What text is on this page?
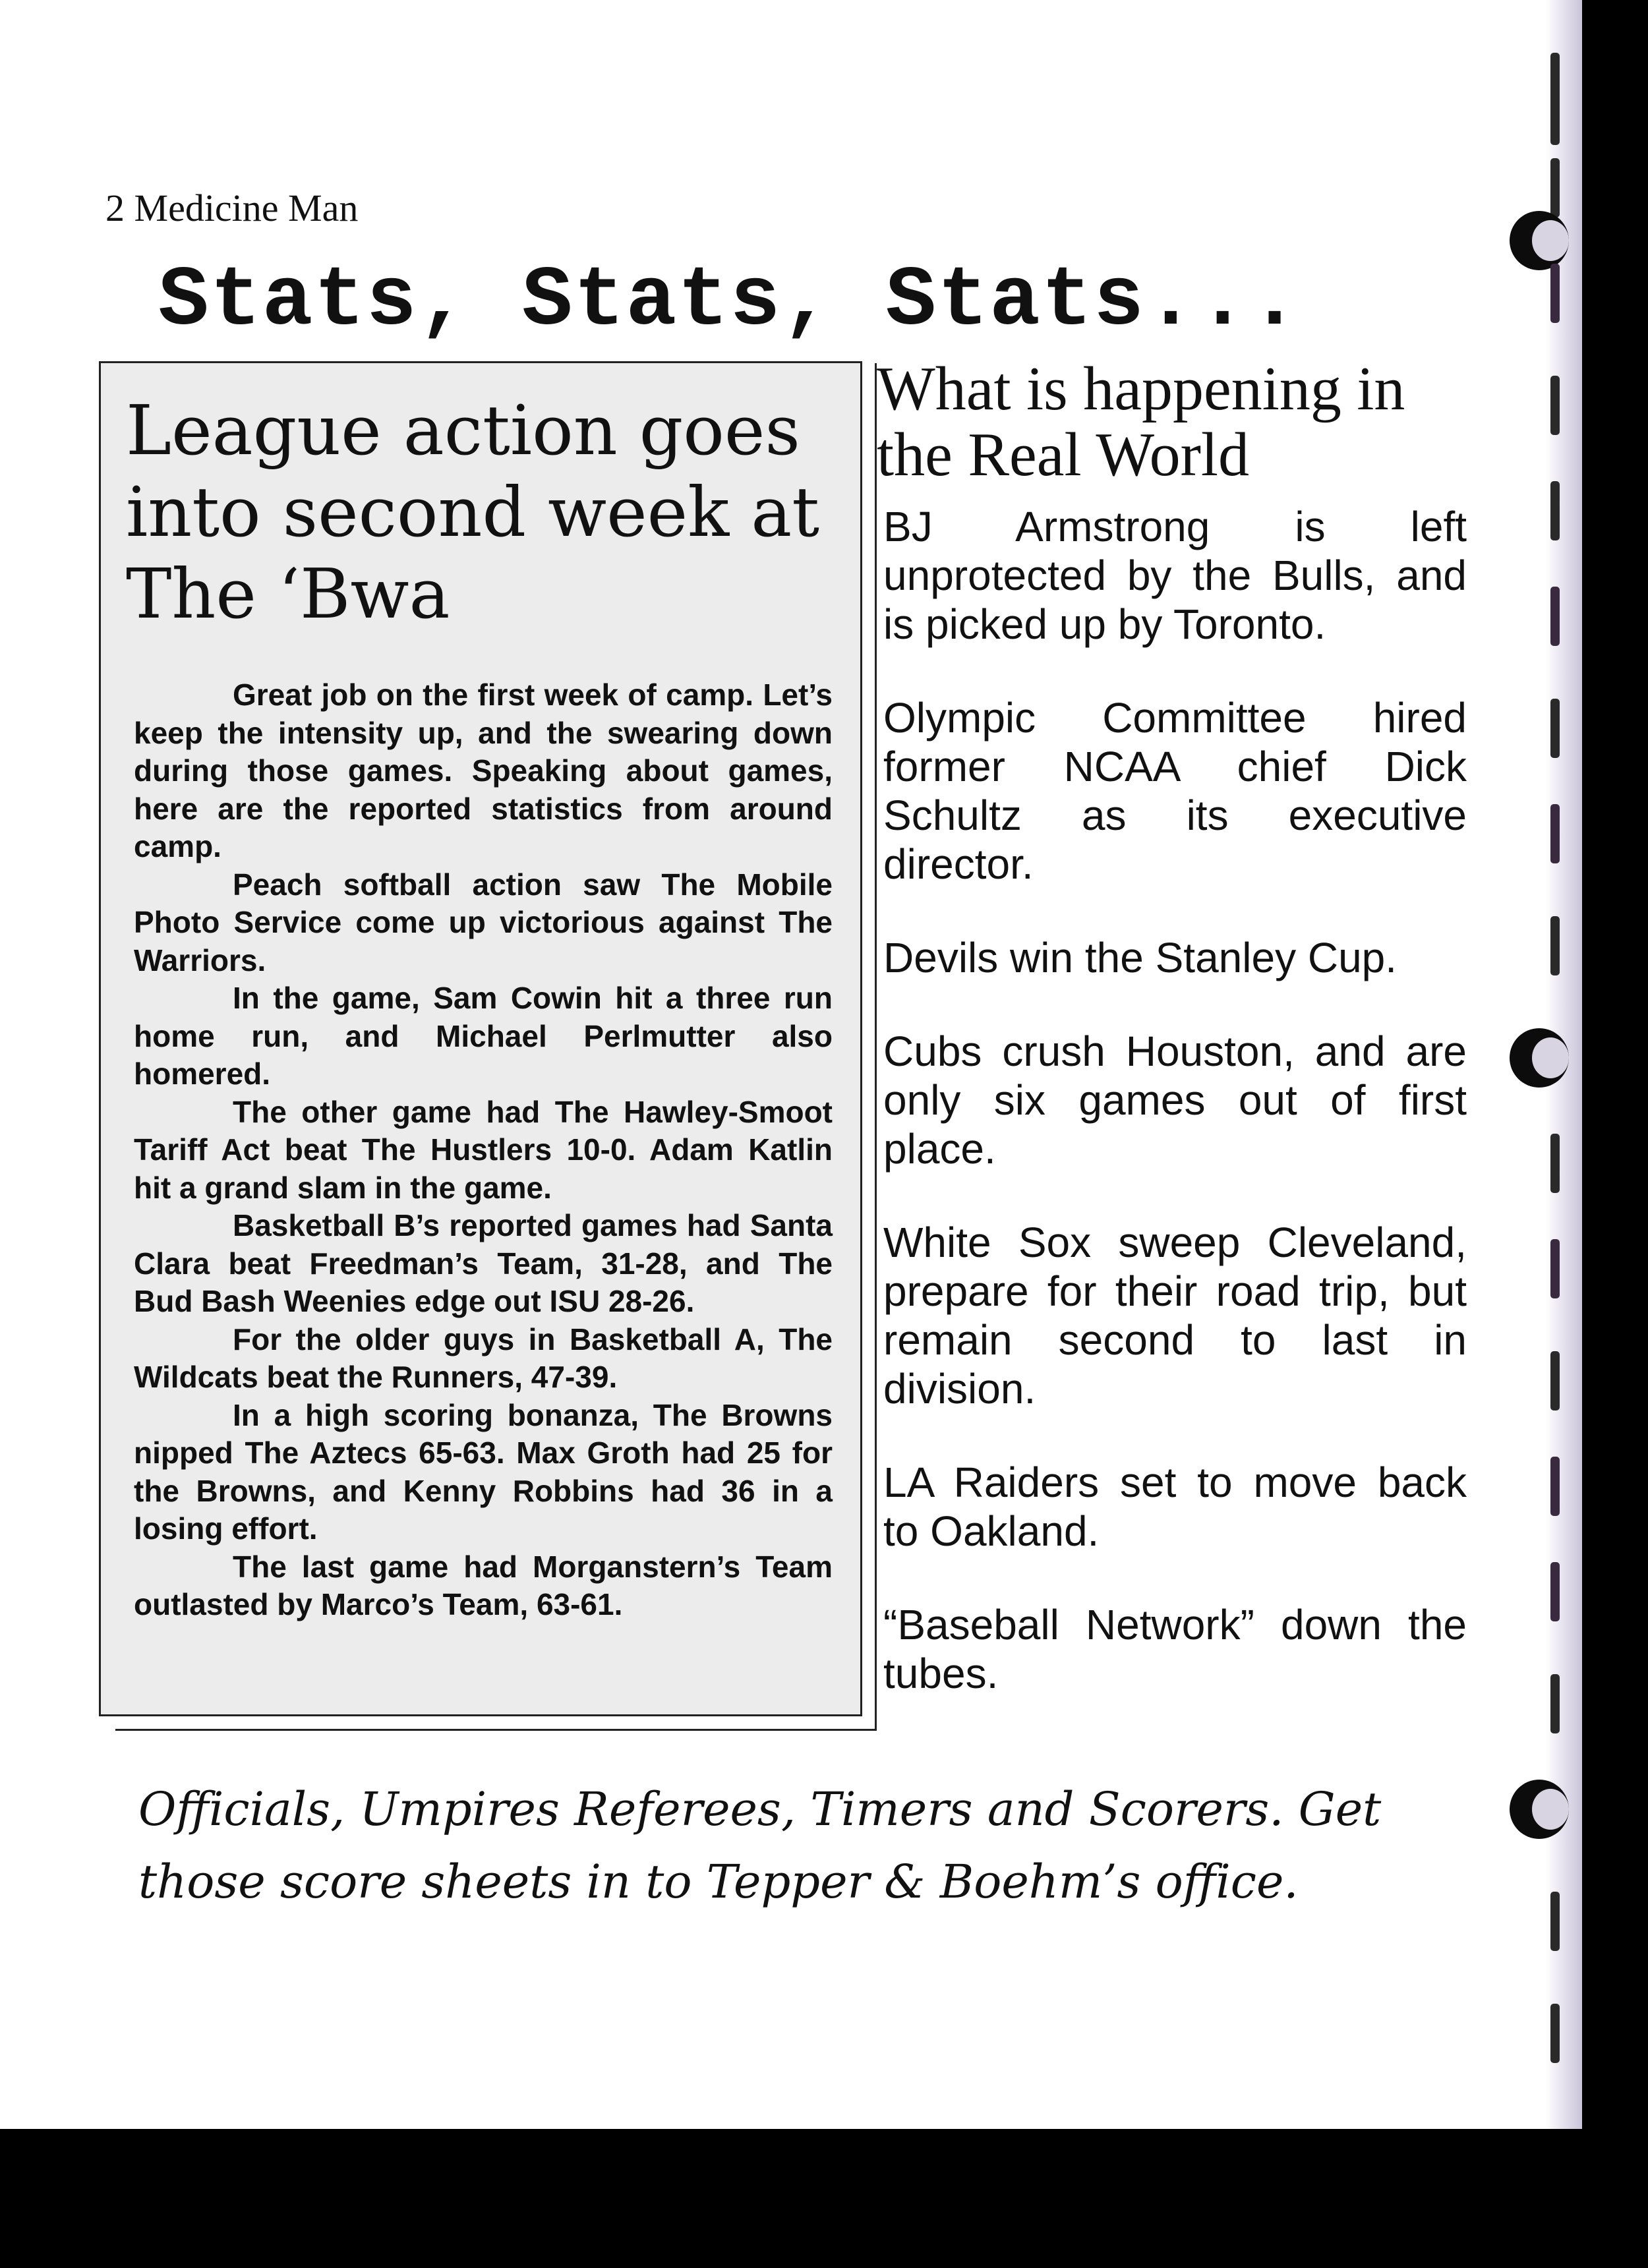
2 Medicine Man
Stats, Stats, Stats...
League action goes into second week at The ‘Bwa

Great job on the first week of camp. Let’s keep the intensity up, and the swearing down during those games. Speaking about games, here are the reported statistics from around camp.

Peach softball action saw The Mobile Photo Service come up victorious against The Warriors.

In the game, Sam Cowin hit a three run home run, and Michael Perlmutter also homered.

The other game had The Hawley-Smoot Tariff Act beat The Hustlers 10-0. Adam Katlin hit a grand slam in the game.

Basketball B’s reported games had Santa Clara beat Freedman’s Team, 31-28, and The Bud Bash Weenies edge out ISU 28-26.

For the older guys in Basketball A, The Wildcats beat the Runners, 47-39.

In a high scoring bonanza, The Browns nipped The Aztecs 65-63. Max Groth had 25 for the Browns, and Kenny Robbins had 36 in a losing effort.

The last game had Morganstern’s Team outlasted by Marco’s Team, 63-61.

What is happening in the Real World

BJ Armstrong is left unprotected by the Bulls, and is picked up by Toronto.

Olympic Committee hired former NCAA chief Dick Schultz as its executive director.

Devils win the Stanley Cup.

Cubs crush Houston, and are only six games out of first place.

White Sox sweep Cleveland, prepare for their road trip, but remain second to last in division.

LA Raiders set to move back to Oakland.

“Baseball Network” down the tubes.

Officials, Umpires Referees, Timers and Scorers. Get those score sheets in to Tepper & Boehm’s office.
